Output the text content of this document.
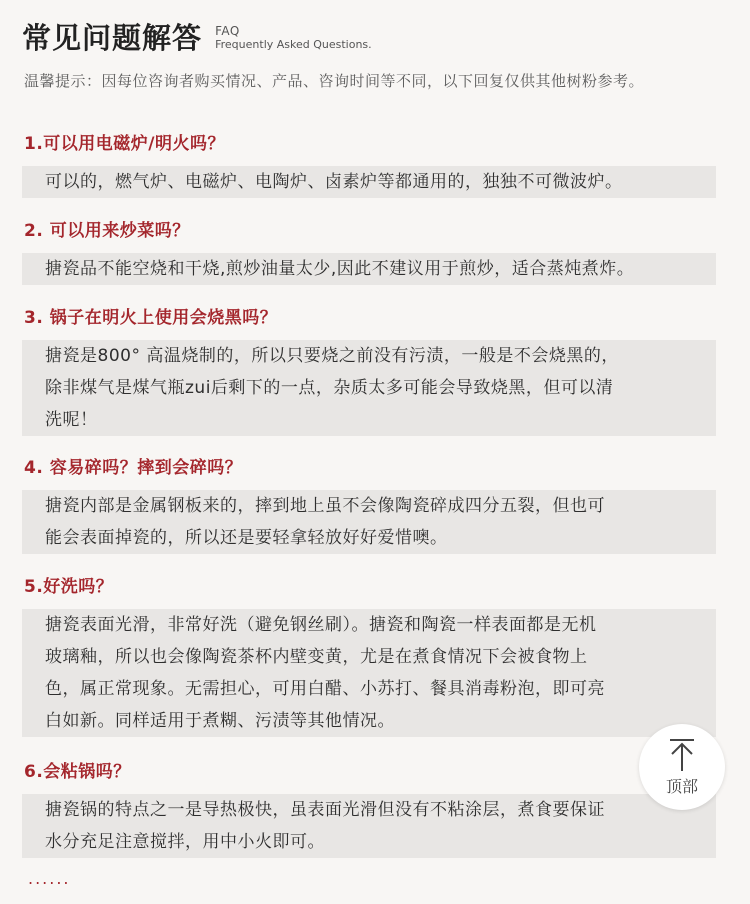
常见问题解答 FAQ
Frequently Asked Questions.
温馨提示：因每位咨询者购买情况、产品、咨询时间等不同，以下回复仅供其他树粉参考。
1.可以用电磁炉/明火吗？
可以的，燃气炉、电磁炉、电陶炉、卤素炉等都通用的，独独不可微波炉。
2. 可以用来炒菜吗？
搪瓷品不能空烧和干烧,煎炒油量太少,因此不建议用于煎炒，适合蒸炖煮炸。
3. 锅子在明火上使用会烧黑吗？
搪瓷是800° 高温烧制的，所以只要烧之前没有污渍，一般是不会烧黑的，
除非煤气是煤气瓶zui后剩下的一点，杂质太多可能会导致烧黑，但可以清
洗呢！
4. 容易碎吗？摔到会碎吗？
搪瓷内部是金属钢板来的，摔到地上虽不会像陶瓷碎成四分五裂，但也可
能会表面掉瓷的，所以还是要轻拿轻放好好爱惜噢。
5.好洗吗？
搪瓷表面光滑，非常好洗（避免钢丝刷）。搪瓷和陶瓷一样表面都是无机
玻璃釉，所以也会像陶瓷茶杯内壁变黄，尤是在煮食情况下会被食物上
色，属正常现象。无需担心，可用白醋、小苏打、餐具消毒粉泡，即可亮
白如新。同样适用于煮糊、污渍等其他情况。
6.会粘锅吗？
搪瓷锅的特点之一是导热极快，虽表面光滑但没有不粘涂层，煮食要保证
水分充足注意搅拌，用中小火即可。
......
顶部
